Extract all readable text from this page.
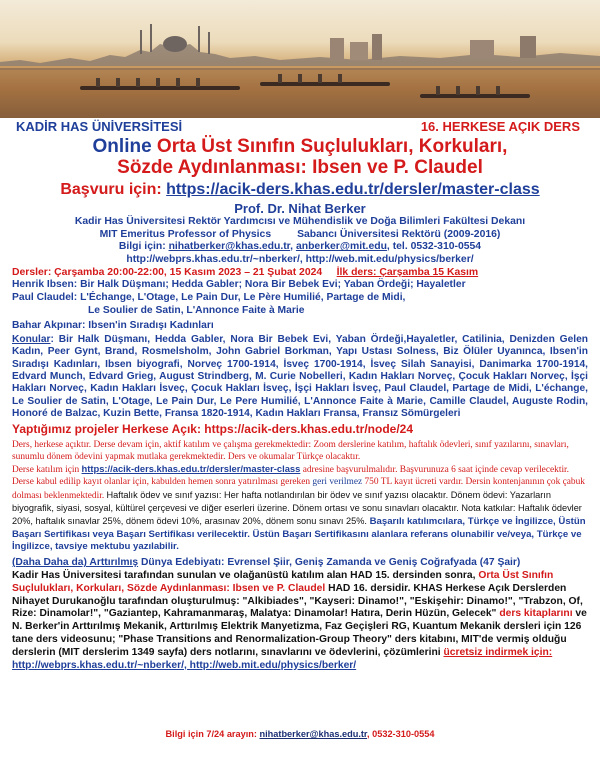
KADİR HAS ÜNİVERSİTESİ	16. HERKESE AÇIK DERS
Online Orta Üst Sınıfın Suçlulukları, Korkuları,
Sözde Aydınlanması: Ibsen ve P. Claudel
Başvuru için: https://acik-ders.khas.edu.tr/dersler/master-class
Prof. Dr. Nihat Berker
Kadir Has Üniversitesi Rektör Yardımcısı ve Mühendislik ve Doğa Bilimleri Fakültesi Dekanı
MIT Emeritus Professor of Physics Sabancı Üniversitesi Rektörü (2009-2016)
Bilgi için: nihatberker@khas.edu.tr, anberker@mit.edu, tel. 0532-310-0554
http://webprs.khas.edu.tr/~nberker/, http://web.mit.edu/physics/berker/
Dersler: Çarşamba 20:00-22:00, 15 Kasım 2023 – 21 Şubat 2024 İlk ders: Çarşamba 15 Kasım
Henrik Ibsen: Bir Halk Düşmanı; Hedda Gabler; Nora Bir Bebek Evi; Yaban Ördeği; Hayaletler
Paul Claudel: L'Échange, L'Otage, Le Pain Dur, Le Père Humilié, Partage de Midi,
Le Soulier de Satin, L'Annonce Faite à Marie
Bahar Akpınar: Ibsen'in Sıradışı Kadınları
Konular: Bir Halk Düşmanı, Hedda Gabler, Nora Bir Bebek Evi, Yaban Ördeği,Hayaletler, Catilinia, Denizden Gelen Kadın, Peer Gynt, Brand, Rosmelsholm, John Gabriel Borkman, Yapı Ustası Solness, Biz Ölüler Uyanınca, Ibsen'in Sıradışı Kadınları, Ibsen biyografi, Norveç 1700-1914, İsveç 1700-1914, İsveç Silah Sanayisi, Danimarka 1700-1914, Edvard Munch, Edvard Grieg, August Strindberg, M. Curie Nobelleri, Kadın Hakları Norveç, Çocuk Hakları Norveç, İşçi Hakları Norveç, Kadın Hakları İsveç, Çocuk Hakları İsveç, İşçi Hakları İsveç, Paul Claudel, Partage de Midi, L'échange, Le Soulier de Satin, L'Otage, Le Pain Dur, Le Pere Humilié, L'Annonce Faite à Marie, Camille Claudel, Auguste Rodin, Honoré de Balzac, Kuzin Bette, Fransa 1820-1914, Kadın Hakları Fransa, Fransız Sömürgeleri
Yaptığımız projeler Herkese Açık: https://acik-ders.khas.edu.tr/node/24
Ders, herkese açıktır. Derse devam için, aktif katılım ve çalışma gerekmektedir: Zoom derslerine katılım, haftalık ödevleri, sınıf yazılarını, sınavları, sunumlu dönem ödevini yapmak mutlaka gerekmektedir. Ders ve okumalar Türkçe olacaktır.
Derse katılım için https://acik-ders.khas.edu.tr/dersler/master-class adresine başvurulmalıdır. Başvurunuza 6 saat içinde cevap verilecektir. Derse kabul edilip kayıt olanlar için, kabulden hemen sonra yatırılması gereken geri verilmez 750 TL kayıt ücreti vardır. Dersin kontenjanının çok çabuk dolması beklenmektedir. Haftalık ödev ve sınıf yazısı: Her hafta notlandırılan bir ödev ve sınıf yazısı olacaktır. Dönem ödevi: Yazarların biyografik, siyasi, sosyal, kültürel çerçevesi ve diğer eserleri üzerine. Dönem ortası ve sonu sınavları olacaktır. Nota katkılar: Haftalık ödevler 20%, haftalık sınavlar 25%, dönem ödevi 10%, arasınav 20%, dönem sonu sınavı 25%. Başarılı katılımcılara, Türkçe ve İngilizce, Üstün Başarı Sertifikası veya Başarı Sertifikası verilecektir. Üstün Başarı Sertifikasını alanlara referans olunabilir ve/veya, Türkçe ve İngilizce, tavsiye mektubu yazılabilir.
(Daha Daha da) Arttırılmış Dünya Edebiyatı: Evrensel Şiir, Geniş Zamanda ve Geniş Coğrafyada (47 Şair)
Kadir Has Üniversitesi tarafından sunulan ve olağanüstü katılım alan HAD 15. dersinden sonra, Orta Üst Sınıfın Suçlulukları, Korkuları, Sözde Aydınlanması: Ibsen ve P. Claudel HAD 16. dersidir. KHAS Herkese Açık Derslerden Nihayet Durukanoğlu tarafından oluşturulmuş: "Alkibiades", "Kayseri: Dinamo!", "Eskişehir: Dinamo!", "Trabzon, Of, Rize: Dinamolar!", "Gaziantep, Kahramanmaraş, Malatya: Dinamolar! Hatıra, Derin Hüzün, Gelecek" ders kitaplarını ve N. Berker'in Arttırılmış Mekanik, Arttırılmış Elektrik Manyetizma, Faz Geçişleri RG, Kuantum Mekanik dersleri için 126 tane ders videosunu; "Phase Transitions and Renormalization-Group Theory" ders kitabını, MIT'de vermiş olduğu derslerin (MIT derslerim 1349 sayfa) ders notlarını, sınavlarını ve ödevlerini, çözümlerini ücretsiz indirmek için:
http://webprs.khas.edu.tr/~nberker/, http://web.mit.edu/physics/berker/
Bilgi için 7/24 arayın: nihatberker@khas.edu.tr, 0532-310-0554
